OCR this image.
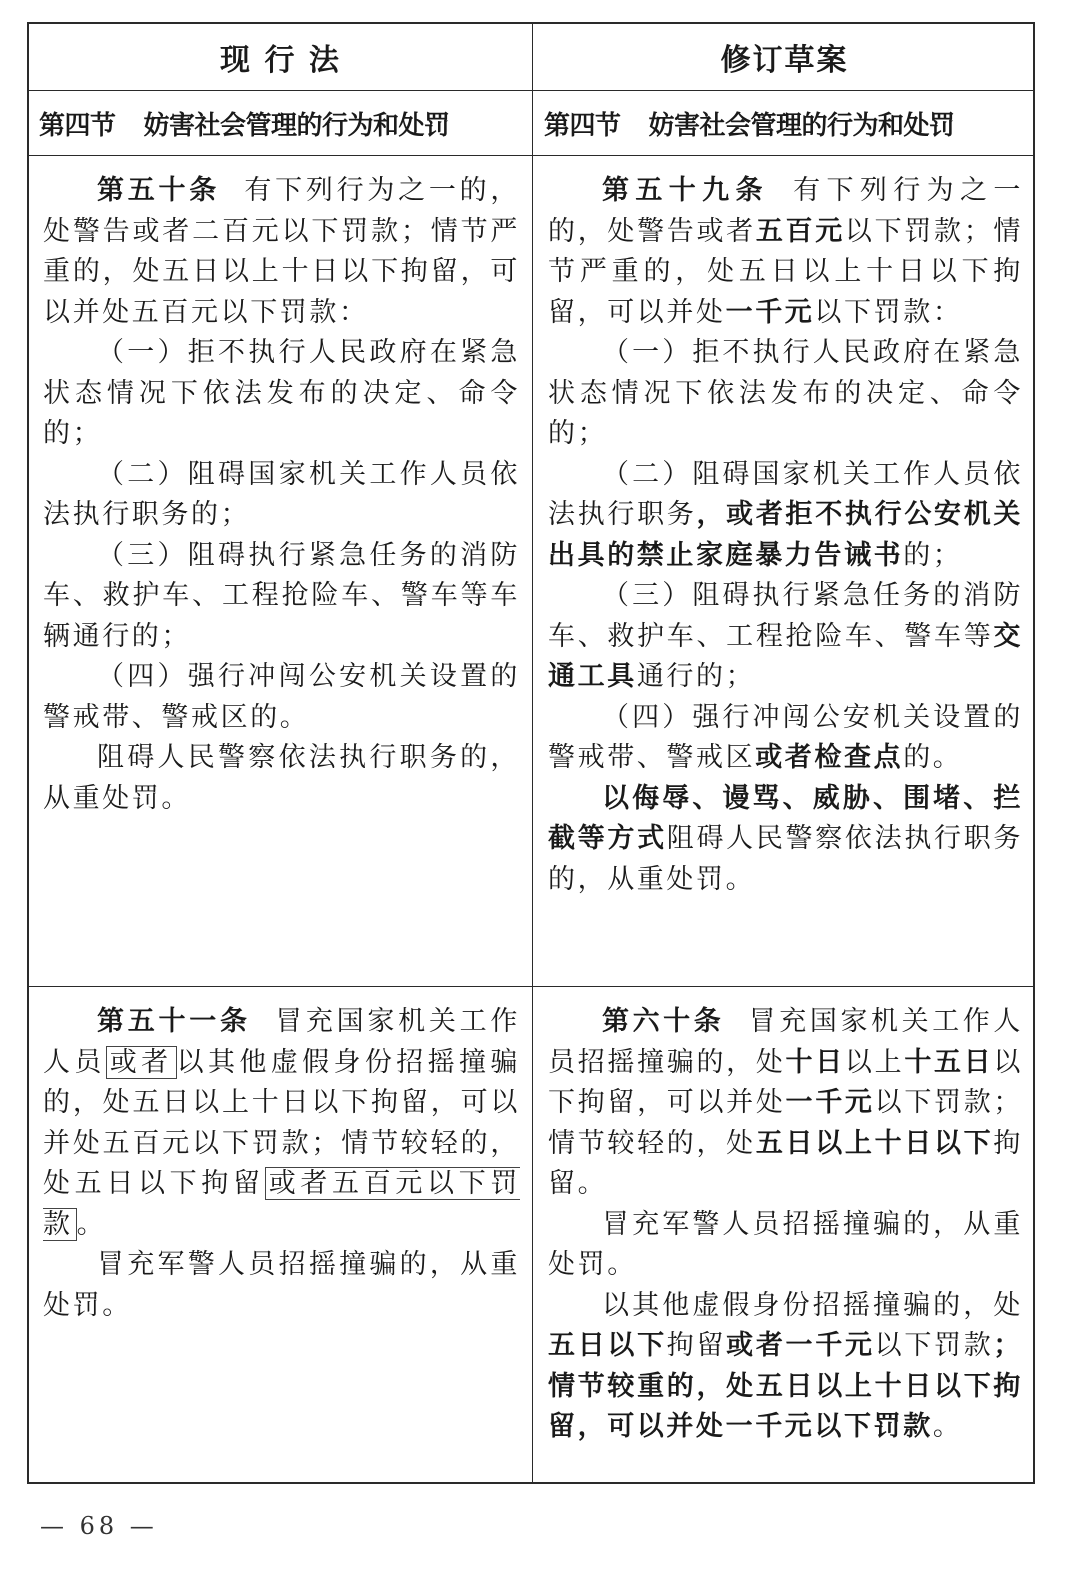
现 行 法	修订草案
第四节 妨害社会管理的行为和处罚	第四节 妨害社会管理的行为和处罚

第五十条 有下列行为之一的，处警告或者二百元以下罚款；情节严重的，处五日以上十日以下拘留，可以并处五百元以下罚款：

（一）拒不执行人民政府在紧急状态情况下依法发布的决定、命令的；

（二）阻碍国家机关工作人员依法执行职务的；

（三）阻碍执行紧急任务的消防车、救护车、工程抢险车、警车等车辆通行的；

（四）强行冲闯公安机关设置的警戒带、警戒区的。

阻碍人民警察依法执行职务的，从重处罚。

第五十九条 有下列行为之一的，处警告或者五百元以下罚款；情节严重的，处五日以上十日以下拘留，可以并处一千元以下罚款：

（一）拒不执行人民政府在紧急状态情况下依法发布的决定、命令的；

（二）阻碍国家机关工作人员依法执行职务，或者拒不执行公安机关出具的禁止家庭暴力告诫书的；

（三）阻碍执行紧急任务的消防车、救护车、工程抢险车、警车等交通工具通行的；

（四）强行冲闯公安机关设置的警戒带、警戒区或者检查点的。

以侮辱、谩骂、威胁、围堵、拦截等方式阻碍人民警察依法执行职务的，从重处罚。

第五十一条 冒充国家机关工作人员 或者 以其他虚假身份招摇撞骗的，处五日以上十日以下拘留，可以并处五百元以下罚款；情节较轻的，处五日以下拘留 或者五百元以下罚款 。

冒充军警人员招摇撞骗的，从重处罚。

第六十条 冒充国家机关工作人员招摇撞骗的，处十日以上十五日以下拘留，可以并处一千元以下罚款；情节较轻的，处五日以上十日以下拘留。

冒充军警人员招摇撞骗的，从重处罚。

以其他虚假身份招摇撞骗的，处五日以下拘留或者一千元以下罚款；情节较重的，处五日以上十日以下拘留，可以并处一千元以下罚款。

— 68 —
